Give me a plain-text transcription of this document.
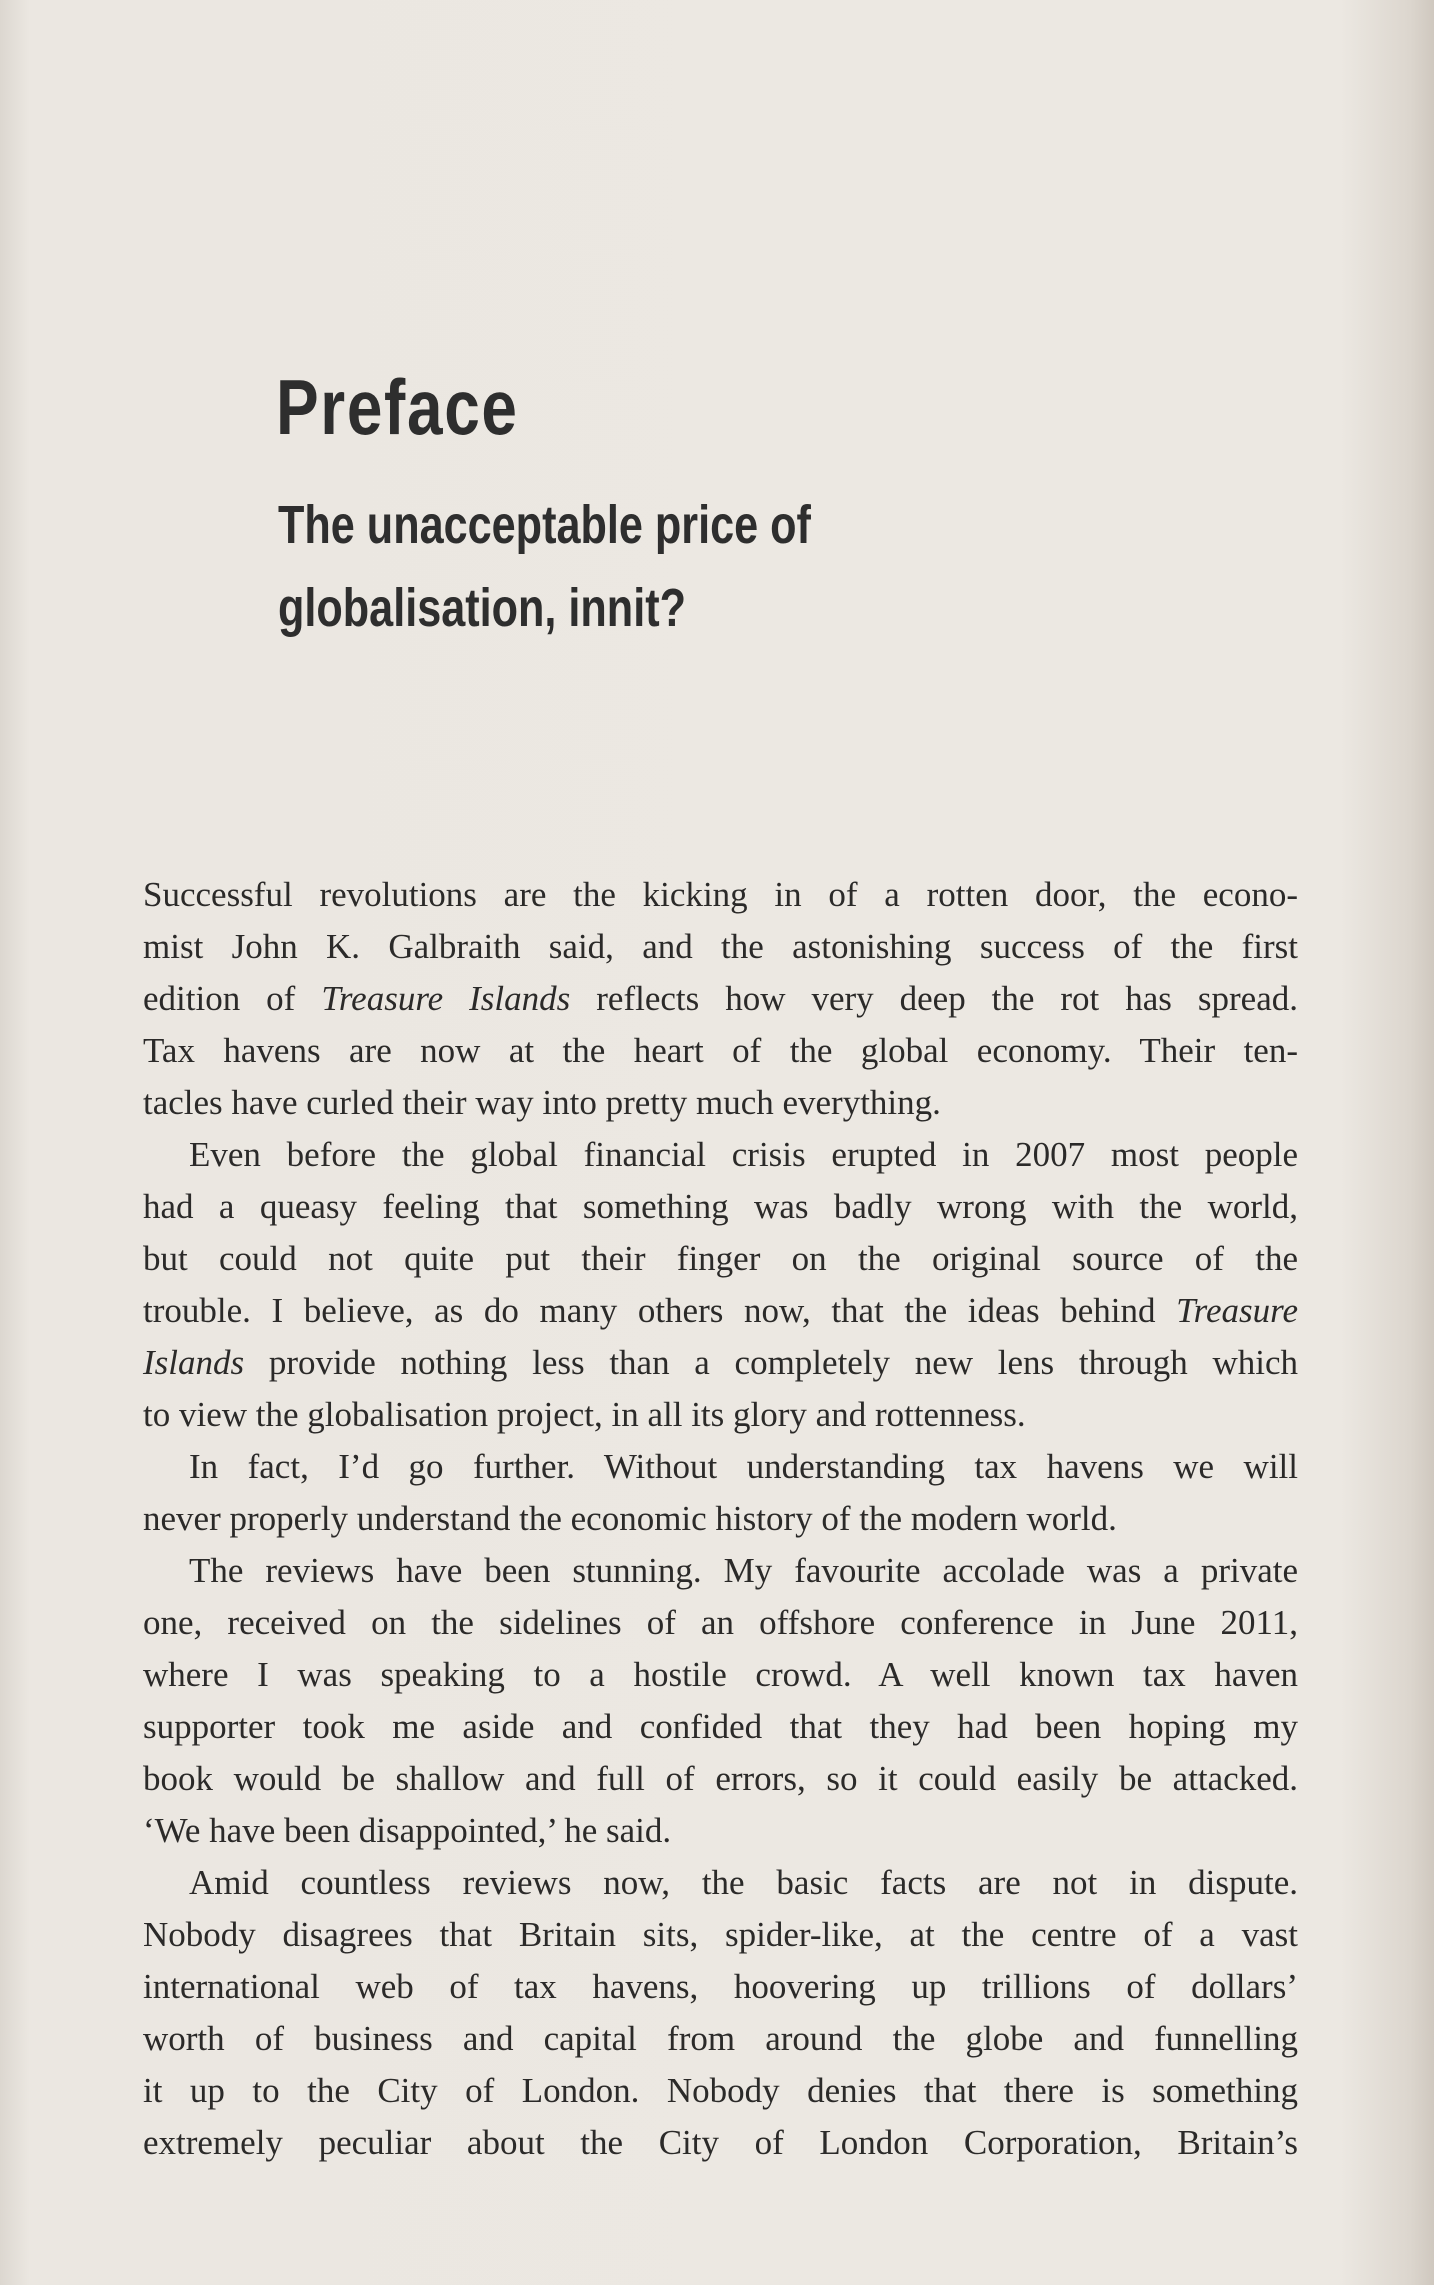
Preface
The unacceptable price of
globalisation, innit?
Successful revolutions are the kicking in of a rotten door, the econo-
mist John K. Galbraith said, and the astonishing success of the first
edition of Treasure Islands reflects how very deep the rot has spread.
Tax havens are now at the heart of the global economy. Their ten-
tacles have curled their way into pretty much everything.
Even before the global financial crisis erupted in 2007 most people
had a queasy feeling that something was badly wrong with the world,
but could not quite put their finger on the original source of the
trouble. I believe, as do many others now, that the ideas behind Treasure
Islands provide nothing less than a completely new lens through which
to view the globalisation project, in all its glory and rottenness.
In fact, I’d go further. Without understanding tax havens we will
never properly understand the economic history of the modern world.
The reviews have been stunning. My favourite accolade was a private
one, received on the sidelines of an offshore conference in June 2011,
where I was speaking to a hostile crowd. A well known tax haven
supporter took me aside and confided that they had been hoping my
book would be shallow and full of errors, so it could easily be attacked.
‘We have been disappointed,’ he said.
Amid countless reviews now, the basic facts are not in dispute.
Nobody disagrees that Britain sits, spider-like, at the centre of a vast
international web of tax havens, hoovering up trillions of dollars’
worth of business and capital from around the globe and funnelling
it up to the City of London. Nobody denies that there is something
extremely peculiar about the City of London Corporation, Britain’s
